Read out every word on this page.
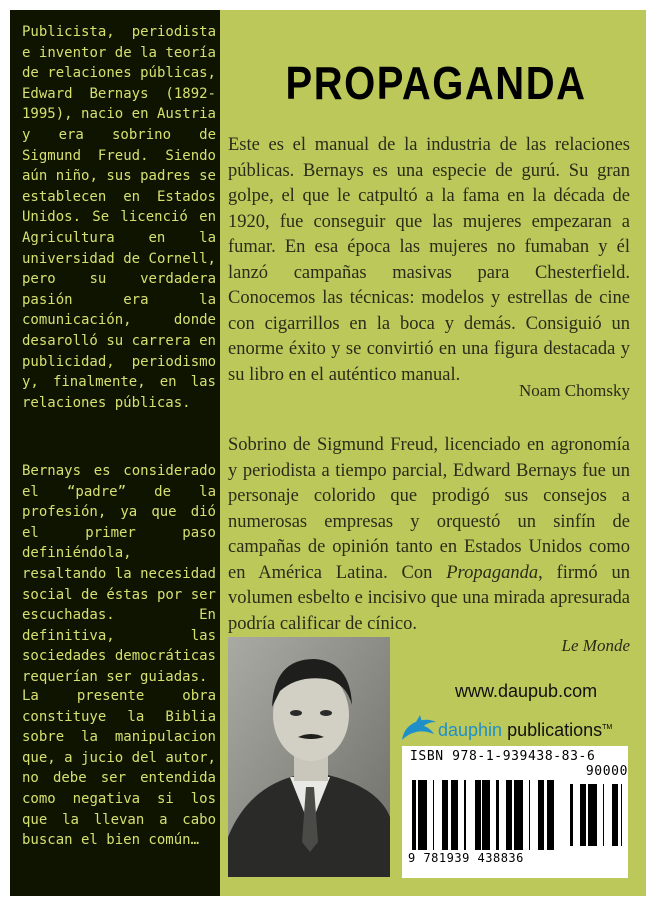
Publicista, periodista e inventor de la teoría de relaciones públicas, Edward Bernays (1892-1995), nacio en Austria y era sobrino de Sigmund Freud. Siendo aún niño, sus padres se establecen en Estados Unidos. Se licenció en Agricultura en la universidad de Cornell, pero su verdadera pasión era la comunicación, donde desarolló su carrera en publicidad, periodismo y, finalmente, en las relaciones públicas.

Bernays es considerado el “padre” de la profesión, ya que dió el primer paso definiéndola, resaltando la necesidad social de éstas por ser escuchadas. En definitiva, las sociedades democráticas requerían ser guiadas.

La presente obra constituye la Biblia sobre la manipulacion que, a jucio del autor, no debe ser entendida como negativa si los que la llevan a cabo buscan el bien común…

PROPAGANDA

Este es el manual de la industria de las relaciones públicas. Bernays es una especie de gurú. Su gran golpe, el que le catpultó a la fama en la década de 1920, fue conseguir que las mujeres empezaran a fumar. En esa época las mujeres no fumaban y él lanzó campañas masivas para Chesterfield. Conocemos las técnicas: modelos y estrellas de cine con cigarrillos en la boca y demás. Consiguió un enorme éxito y se convirtió en una figura destacada y su libro en el auténtico manual.

Noam Chomsky

Sobrino de Sigmund Freud, licenciado en agronomía y periodista a tiempo parcial, Edward Bernays fue un personaje colorido que prodigó sus consejos a numerosas empresas y orquestó un sinfín de campañas de opinión tanto en Estados Unidos como en América Latina. Con Propaganda, firmó un volumen esbelto e incisivo que una mirada apresurada podría calificar de cínico.

Le Monde

www.daupub.com

dauphin publications™

ISBN 978-1-939438-83-6

90000

9 781939 438836
